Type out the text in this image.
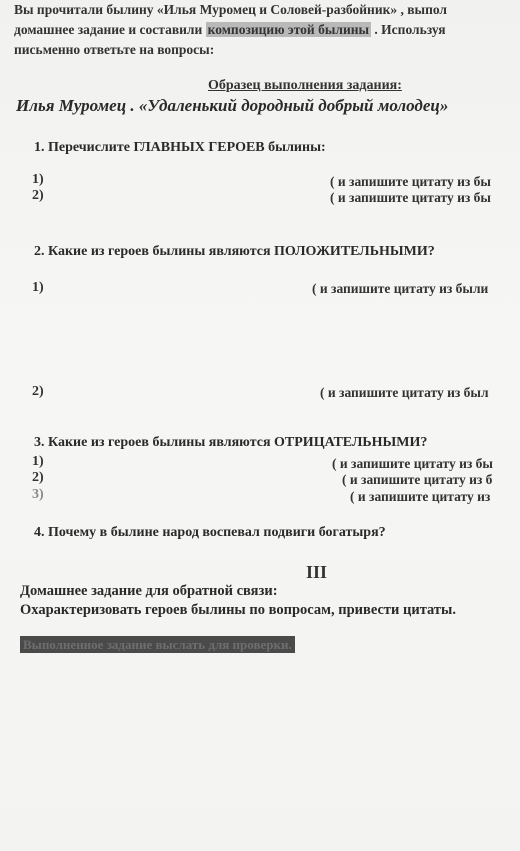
Вы прочитали былину «Илья Муромец и Соловей-разбойник» , выпол
домашнее задание и составили композицию этой былины . Используя
письменно ответьте на вопросы:
Образец выполнения задания:
Илья Муромец . «Удаленький дородный добрый молодец»
1. Перечислите ГЛАВНЫХ ГЕРОЕВ былины:
1)	( и запишите цитату из бы
2)	( и запишите цитату из бы
2. Какие из героев былины являются ПОЛОЖИТЕЛЬНЫМИ?
1)	( и запишите цитату из были
2)	( и запишите цитату из был
3. Какие из героев былины являются ОТРИЦАТЕЛЬНЫМИ?
1)	( и запишите цитату из бы
2)	( и запишите цитату из б
3)	( и запишите цитату из
4. Почему в былине народ воспевал подвиги богатыря?
III
Домашнее задание для обратной связи:
Охарактеризовать героев былины по вопросам, привести цитаты.
Выполненное задание выслать для проверки.
